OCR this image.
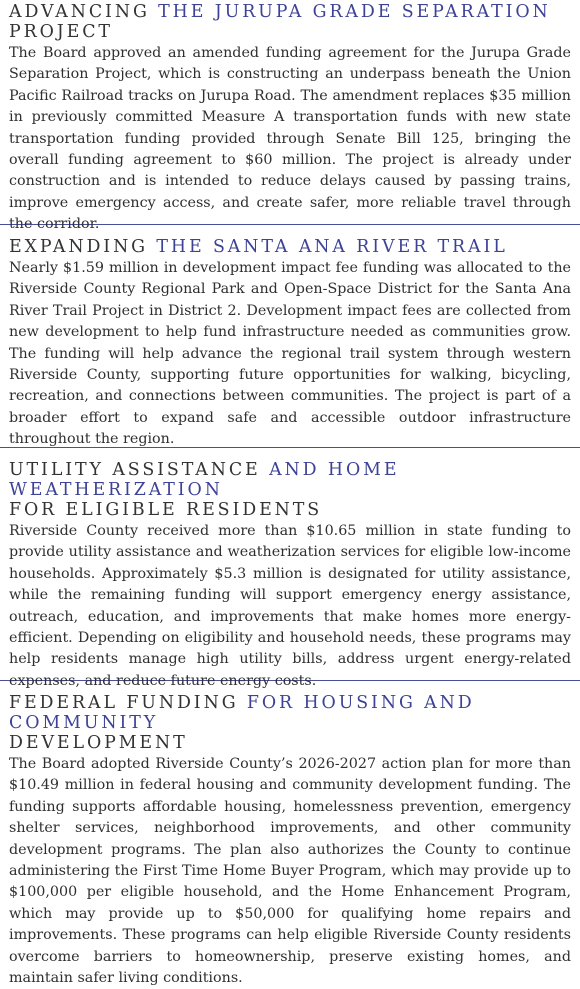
ADVANCING THE JURUPA GRADE SEPARATION
PROJECT

The Board approved an amended funding agreement for the Jurupa Grade Separation Project, which is constructing an underpass beneath the Union Pacific Railroad tracks on Jurupa Road. The amendment replaces $35 million in previously committed Measure A transportation funds with new state transportation funding provided through Senate Bill 125, bringing the overall funding agreement to $60 million. The project is already under construction and is intended to reduce delays caused by passing trains, improve emergency access, and create safer, more reliable travel through the corridor.

EXPANDING THE SANTA ANA RIVER TRAIL

Nearly $1.59 million in development impact fee funding was allocated to the Riverside County Regional Park and Open-Space District for the Santa Ana River Trail Project in District 2. Development impact fees are collected from new development to help fund infrastructure needed as communities grow. The funding will help advance the regional trail system through western Riverside County, supporting future opportunities for walking, bicycling, recreation, and connections between communities. The project is part of a broader effort to expand safe and accessible outdoor infrastructure throughout the region.

UTILITY ASSISTANCE AND HOME WEATHERIZATION
FOR ELIGIBLE RESIDENTS

Riverside County received more than $10.65 million in state funding to provide utility assistance and weatherization services for eligible low-income households. Approximately $5.3 million is designated for utility assistance, while the remaining funding will support emergency energy assistance, outreach, education, and improvements that make homes more energy-efficient. Depending on eligibility and household needs, these programs may help residents manage high utility bills, address urgent energy-related expenses, and reduce future energy costs.

FEDERAL FUNDING FOR HOUSING AND COMMUNITY
DEVELOPMENT

The Board adopted Riverside County’s 2026-2027 action plan for more than $10.49 million in federal housing and community development funding. The funding supports affordable housing, homelessness prevention, emergency shelter services, neighborhood improvements, and other community development programs. The plan also authorizes the County to continue administering the First Time Home Buyer Program, which may provide up to $100,000 per eligible household, and the Home Enhancement Program, which may provide up to $50,000 for qualifying home repairs and improvements. These programs can help eligible Riverside County residents overcome barriers to homeownership, preserve existing homes, and maintain safer living conditions.
